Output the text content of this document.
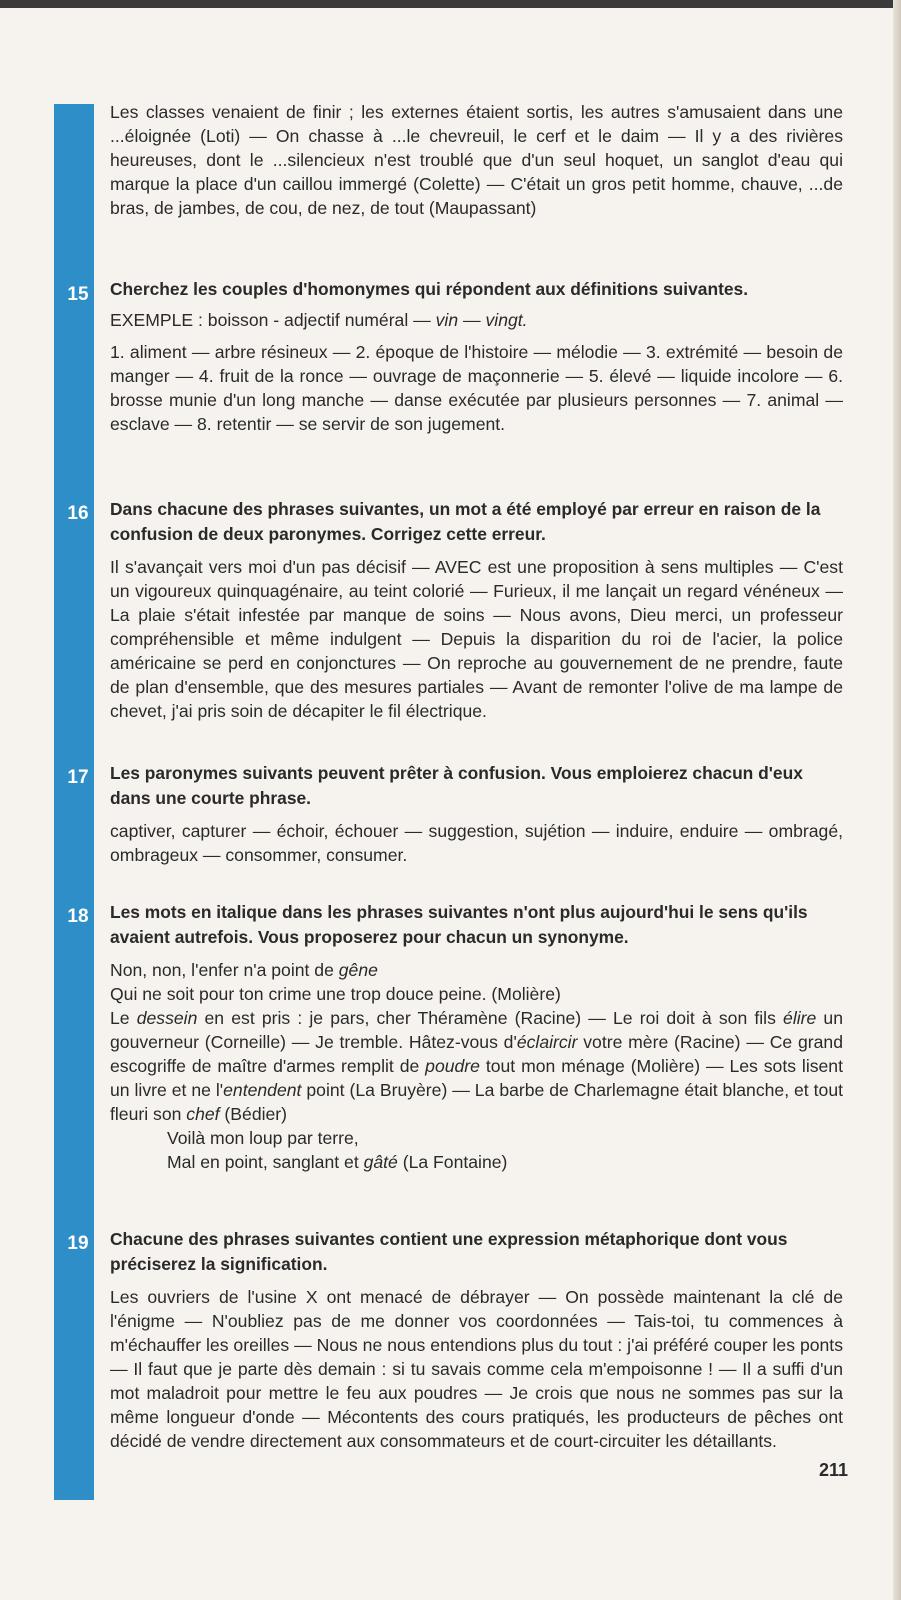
Les classes venaient de finir ; les externes étaient sortis, les autres s'amusaient dans une ...éloignée (Loti) — On chasse à ...le chevreuil, le cerf et le daim — Il y a des rivières heureuses, dont le ...silencieux n'est troublé que d'un seul hoquet, un sanglot d'eau qui marque la place d'un caillou immergé (Colette) — C'était un gros petit homme, chauve, ...de bras, de jambes, de cou, de nez, de tout (Maupassant)

15	Cherchez les couples d'homonymes qui répondent aux définitions suivantes.

EXEMPLE : boisson - adjectif numéral — vin — vingt.

1. aliment — arbre résineux — 2. époque de l'histoire — mélodie — 3. extrémité — besoin de manger — 4. fruit de la ronce — ouvrage de maçonnerie — 5. élevé — liquide incolore — 6. brosse munie d'un long manche — danse exécutée par plusieurs personnes — 7. animal — esclave — 8. retentir — se servir de son jugement.

16	Dans chacune des phrases suivantes, un mot a été employé par erreur en raison de la confusion de deux paronymes. Corrigez cette erreur.

Il s'avançait vers moi d'un pas décisif — AVEC est une proposition à sens multiples — C'est un vigoureux quinquagénaire, au teint colorié — Furieux, il me lançait un regard vénéneux — La plaie s'était infestée par manque de soins — Nous avons, Dieu merci, un professeur compréhensible et même indulgent — Depuis la disparition du roi de l'acier, la police américaine se perd en conjonctures — On reproche au gouvernement de ne prendre, faute de plan d'ensemble, que des mesures partiales — Avant de remonter l'olive de ma lampe de chevet, j'ai pris soin de décapiter le fil électrique.

17	Les paronymes suivants peuvent prêter à confusion. Vous emploierez chacun d'eux dans une courte phrase.

captiver, capturer — échoir, échouer — suggestion, sujétion — induire, enduire — ombragé, ombrageux — consommer, consumer.

18	Les mots en italique dans les phrases suivantes n'ont plus aujourd'hui le sens qu'ils avaient autrefois. Vous proposerez pour chacun un synonyme.

Non, non, l'enfer n'a point de gêne

Qui ne soit pour ton crime une trop douce peine. (Molière)

Le dessein en est pris : je pars, cher Théramène (Racine) — Le roi doit à son fils élire un gouverneur (Corneille) — Je tremble. Hâtez-vous d'éclaircir votre mère (Racine) — Ce grand escogriffe de maître d'armes remplit de poudre tout mon ménage (Molière) — Les sots lisent un livre et ne l'entendent point (La Bruyère) — La barbe de Charlemagne était blanche, et tout fleuri son chef (Bédier)

Voilà mon loup par terre,

Mal en point, sanglant et gâté (La Fontaine)

19	Chacune des phrases suivantes contient une expression métaphorique dont vous préciserez la signification.

Les ouvriers de l'usine X ont menacé de débrayer — On possède maintenant la clé de l'énigme — N'oubliez pas de me donner vos coordonnées — Tais-toi, tu commences à m'échauffer les oreilles — Nous ne nous entendions plus du tout : j'ai préféré couper les ponts — Il faut que je parte dès demain : si tu savais comme cela m'empoisonne ! — Il a suffi d'un mot maladroit pour mettre le feu aux poudres — Je crois que nous ne sommes pas sur la même longueur d'onde — Mécontents des cours pratiqués, les producteurs de pêches ont décidé de vendre directement aux consommateurs et de court-circuiter les détaillants.

211
